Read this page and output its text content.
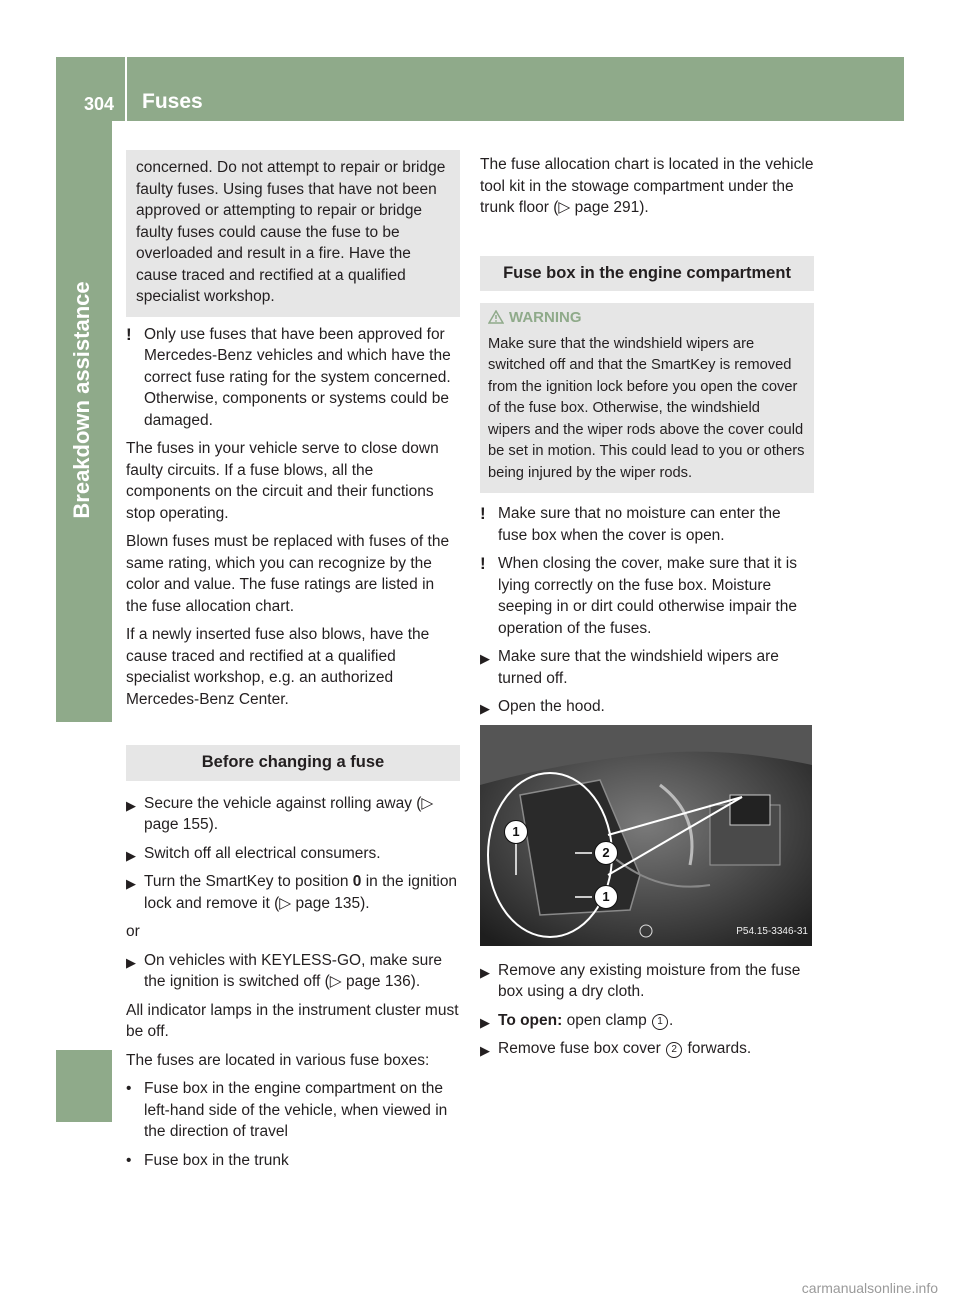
304 Fuses
Breakdown assistance
concerned. Do not attempt to repair or bridge faulty fuses. Using fuses that have not been approved or attempting to repair or bridge faulty fuses could cause the fuse to be overloaded and result in a fire. Have the cause traced and rectified at a qualified specialist workshop.
! Only use fuses that have been approved for Mercedes-Benz vehicles and which have the correct fuse rating for the system concerned. Otherwise, components or systems could be damaged.
The fuses in your vehicle serve to close down faulty circuits. If a fuse blows, all the components on the circuit and their functions stop operating.
Blown fuses must be replaced with fuses of the same rating, which you can recognize by the color and value. The fuse ratings are listed in the fuse allocation chart.
If a newly inserted fuse also blows, have the cause traced and rectified at a qualified specialist workshop, e.g. an authorized Mercedes-Benz Center.
Before changing a fuse
▶ Secure the vehicle against rolling away (▷ page 155).
▶ Switch off all electrical consumers.
▶ Turn the SmartKey to position 0 in the ignition lock and remove it (▷ page 135).
or
▶ On vehicles with KEYLESS-GO, make sure the ignition is switched off (▷ page 136).
All indicator lamps in the instrument cluster must be off.
The fuses are located in various fuse boxes:
• Fuse box in the engine compartment on the left-hand side of the vehicle, when viewed in the direction of travel
• Fuse box in the trunk
The fuse allocation chart is located in the vehicle tool kit in the stowage compartment under the trunk floor (▷ page 291).
Fuse box in the engine compartment
WARNING
Make sure that the windshield wipers are switched off and that the SmartKey is removed from the ignition lock before you open the cover of the fuse box. Otherwise, the windshield wipers and the wiper rods above the cover could be set in motion. This could lead to you or others being injured by the wiper rods.
! Make sure that no moisture can enter the fuse box when the cover is open.
! When closing the cover, make sure that it is lying correctly on the fuse box. Moisture seeping in or dirt could otherwise impair the operation of the fuses.
▶ Make sure that the windshield wipers are turned off.
▶ Open the hood.
1
2
1
P54.15-3346-31
▶ Remove any existing moisture from the fuse box using a dry cloth.
▶ To open: open clamp 1 .
▶ Remove fuse box cover 2 forwards.
carmanualsonline.info
